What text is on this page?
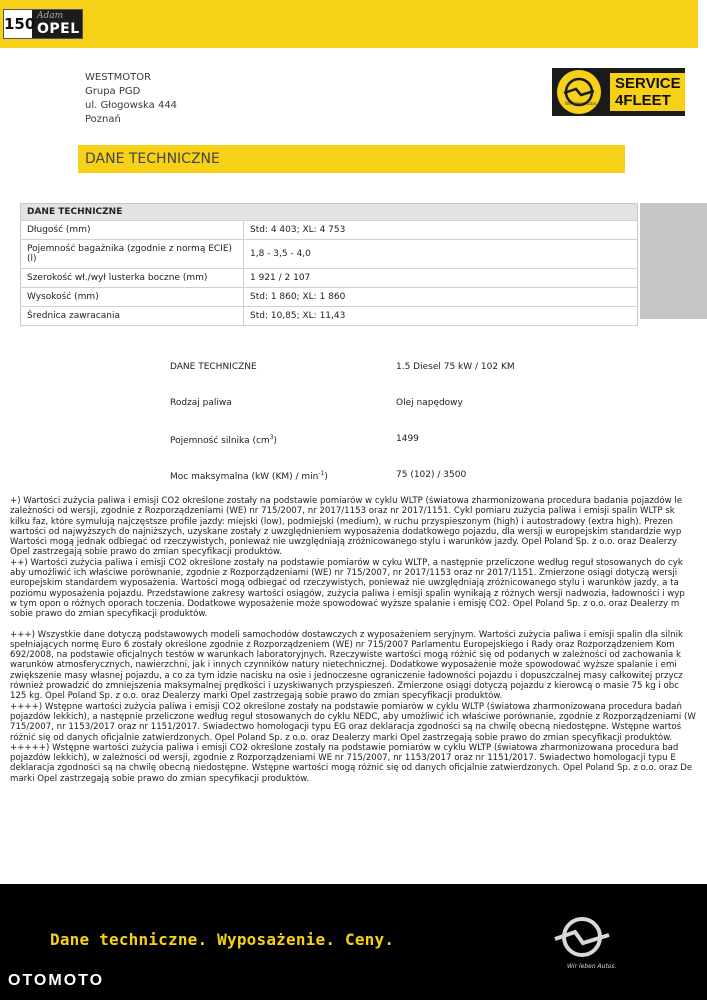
150 Adam
OPEL
WESTMOTOR
Grupa PGD
ul. Głogowska 444
Poznań
Wir leben Autos.
SERVICE
4FLEET
DANE TECHNICZNE
DANE TECHNICZNE	
Długość (mm)	Std: 4 403; XL: 4 753
Pojemność bagażnika (zgodnie z normą ECIE) (l)	1,8 - 3,5 - 4,0
Szerokość wł./wył lusterka boczne (mm)	1 921 / 2 107
Wysokość (mm)	Std: 1 860; XL: 1 860
Średnica zawracania	Std: 10,85; XL: 11,43
DANE TECHNICZNE	1.5 Diesel 75 kW / 102 KM
Rodzaj paliwa	Olej napędowy
Pojemność silnika $(cm^3)$	1499
Moc maksymalna (kW $(KM) / \min^{-1}$)	75 (102) / 3500
+) Wartości zużycia paliwa i emisji CO2 określone zostały na podstawie pomiarów w cyklu WLTP (światowa zharmonizowana procedura badania pojazdów le
zależności od wersji, zgodnie z Rozporządzeniami (WE) nr 715/2007, nr 2017/1153 oraz nr 2017/1151. Cykl pomiaru zużycia paliwa i emisji spalin WLTP sk
kilku faz, które symulują najczęstsze profile jazdy: miejski (low), podmiejski (medium), w ruchu przyspieszonym (high) i autostradowy (extra high). Prezen
wartości od najwyższych do najniższych, uzyskane zostały z uwzględnieniem wyposażenia dodatkowego pojazdu, dla wersji w europejskim standardzie wyp
Wartości mogą jednak odbiegać od rzeczywistych, ponieważ nie uwzględniają zróżnicowanego stylu i warunków jazdy. Opel Poland Sp. z o.o. oraz Dealerzy
Opel zastrzegają sobie prawo do zmian specyfikacji produktów.
++) Wartości zużycia paliwa i emisji CO2 określone zostały na podstawie pomiarów w cyku WLTP, a następnie przeliczone według reguł stosowanych do cyk
aby umożliwić ich właściwe porównanie, zgodnie z Rozporządzeniami (WE) nr 715/2007, nr 2017/1153 oraz nr 2017/1151. Zmierzone osiągi dotyczą wersji
europejskim standardem wyposażenia. Wartości mogą odbiegać od rzeczywistych, ponieważ nie uwzględniają zróżnicowanego stylu i warunków jazdy, a ta
poziomu wyposażenia pojazdu. Przedstawione zakresy wartości osiągów, zużycia paliwa i emisji spalin wynikają z różnych wersji nadwozia, ładowności i wyp
w tym opon o różnych oporach toczenia. Dodatkowe wyposażenie może spowodować wyższe spalanie i emisję CO2. Opel Poland Sp. z o.o. oraz Dealerzy m
sobie prawo do zmian specyfikacji produktów.
+++) Wszystkie dane dotyczą podstawowych modeli samochodów dostawczych z wyposażeniem seryjnym. Wartości zużycia paliwa i emisji spalin dla silnik
spełniających normę Euro 6 zostały określone zgodnie z Rozporządzeniem (WE) nr 715/2007 Parlamentu Europejskiego i Rady oraz Rozporządzeniem Kom
692/2008, na podstawie oficjalnych testów w warunkach laboratoryjnych. Rzeczywiste wartości mogą różnić się od podanych w zależności od zachowania k
warunków atmosferycznych, nawierzchni, jak i innych czynników natury nietechnicznej. Dodatkowe wyposażenie może spowodować wyższe spalanie i emi
zwiększenie masy własnej pojazdu, a co za tym idzie nacisku na osie i jednoczesne ograniczenie ładowności pojazdu i dopuszczalnej masy całkowitej przycz
również prowadzić do zmniejszenia maksymalnej prędkości i uzyskiwanych przyspieszeń. Zmierzone osiągi dotyczą pojazdu z kierowcą o masie 75 kg i obc
125 kg. Opel Poland Sp. z o.o. oraz Dealerzy marki Opel zastrzegają sobie prawo do zmian specyfikacji produktów.
++++) Wstępne wartości zużycia paliwa i emisji CO2 określone zostały na podstawie pomiarów w cyklu WLTP (światowa zharmonizowana procedura badań
pojazdów lekkich), a następnie przeliczone według reguł stosowanych do cyklu NEDC, aby umożliwić ich właściwe porównanie, zgodnie z Rozporządzeniami (W
715/2007, nr 1153/2017 oraz nr 1151/2017. Świadectwo homologacji typu EG oraz deklaracja zgodności są na chwilę obecną niedostępne. Wstępne wartoś
różnić się od danych oficjalnie zatwierdzonych. Opel Poland Sp. z o.o. oraz Dealerzy marki Opel zastrzegają sobie prawo do zmian specyfikacji produktów.
+++++) Wstępne wartości zużycia paliwa i emisji CO2 określone zostały na podstawie pomiarów w cyklu WLTP (światowa zharmonizowana procedura bad
pojazdów lekkich), w zależności od wersji, zgodnie z Rozporządzeniami WE nr 715/2007, nr 1153/2017 oraz nr 1151/2017. Świadectwo homologacji typu E
deklaracja zgodności są na chwilę obecną niedostępne. Wstępne wartości mogą różnić się od danych oficjalnie zatwierdzonych. Opel Poland Sp. z o.o. oraz De
marki Opel zastrzegają sobie prawo do zmian specyfikacji produktów.
Dane techniczne. Wyposażenie. Ceny.
OTOMOTO
Wir leben Autos.
